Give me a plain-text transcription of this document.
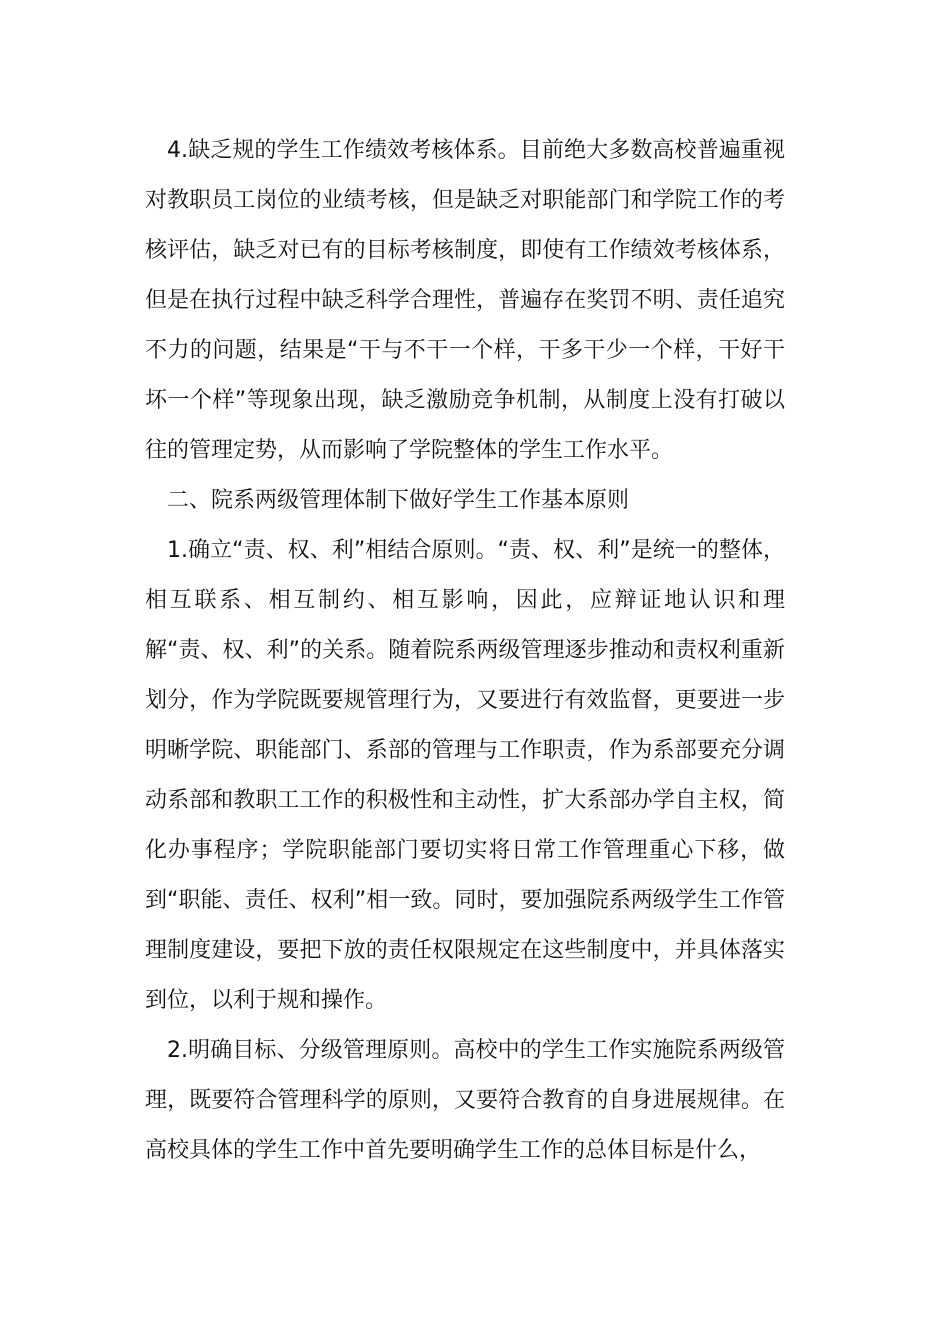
4.缺乏规的学生工作绩效考核体系。目前绝大多数高校普遍重视对教职员工岗位的业绩考核，但是缺乏对职能部门和学院工作的考核评估，缺乏对已有的目标考核制度，即使有工作绩效考核体系，但是在执行过程中缺乏科学合理性，普遍存在奖罚不明、责任追究不力的问题，结果是“干与不干一个样，干多干少一个样，干好干坏一个样”等现象出现，缺乏激励竞争机制，从制度上没有打破以往的管理定势，从而影响了学院整体的学生工作水平。

二、院系两级管理体制下做好学生工作基本原则

1.确立“责、权、利”相结合原则。“责、权、利”是统一的整体，相互联系、相互制约、相互影响，因此，应辩证地认识和理解“责、权、利”的关系。随着院系两级管理逐步推动和责权利重新划分，作为学院既要规管理行为，又要进行有效监督，更要进一步明晰学院、职能部门、系部的管理与工作职责，作为系部要充分调动系部和教职工工作的积极性和主动性，扩大系部办学自主权，简化办事程序；学院职能部门要切实将日常工作管理重心下移，做到“职能、责任、权利”相一致。同时，要加强院系两级学生工作管理制度建设，要把下放的责任权限规定在这些制度中，并具体落实到位，以利于规和操作。

2.明确目标、分级管理原则。高校中的学生工作实施院系两级管理，既要符合管理科学的原则，又要符合教育的自身进展规律。在高校具体的学生工作中首先要明确学生工作的总体目标是什么，
